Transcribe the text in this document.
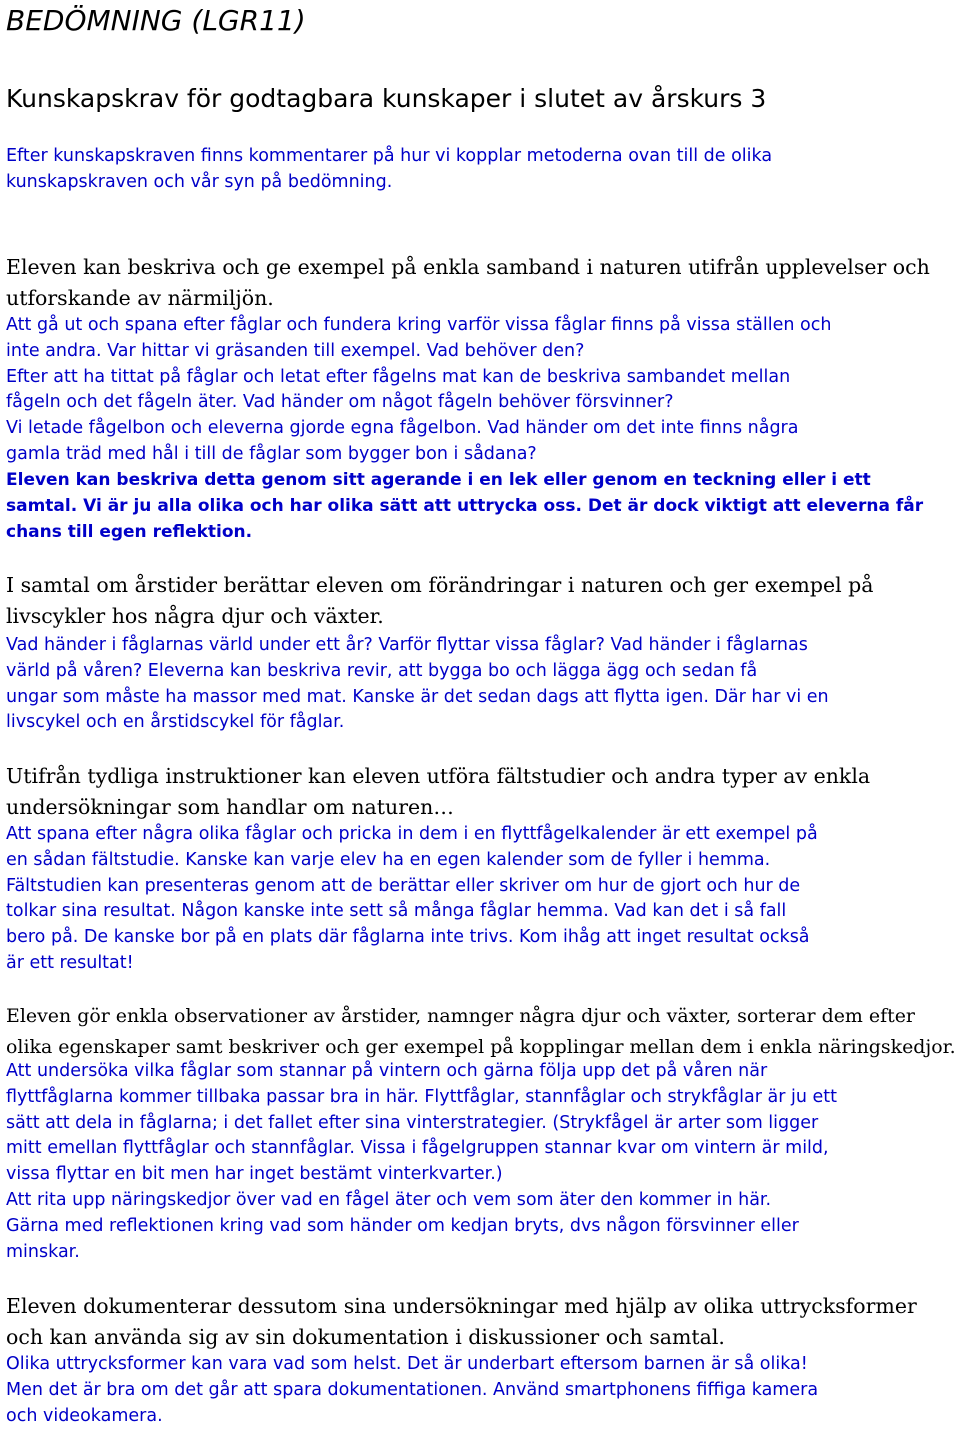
BEDÖMNING (LGR11)
Kunskapskrav för godtagbara kunskaper i slutet av årskurs 3

Efter kunskapskraven finns kommentarer på hur vi kopplar metoderna ovan till de olika
kunskapskraven och vår syn på bedömning.

Eleven kan beskriva och ge exempel på enkla samband i naturen utifrån upplevelser och
utforskande av närmiljön.

Att gå ut och spana efter fåglar och fundera kring varför vissa fåglar finns på vissa ställen och
inte andra. Var hittar vi gräsanden till exempel. Vad behöver den?
Efter att ha tittat på fåglar och letat efter fågelns mat kan de beskriva sambandet mellan
fågeln och det fågeln äter. Vad händer om något fågeln behöver försvinner?
Vi letade fågelbon och eleverna gjorde egna fågelbon. Vad händer om det inte finns några
gamla träd med hål i till de fåglar som bygger bon i sådana?

Eleven kan beskriva detta genom sitt agerande i en lek eller genom en teckning eller i ett
samtal. Vi är ju alla olika och har olika sätt att uttrycka oss. Det är dock viktigt att eleverna får
chans till egen reflektion.

I samtal om årstider berättar eleven om förändringar i naturen och ger exempel på
livscykler hos några djur och växter.

Vad händer i fåglarnas värld under ett år? Varför flyttar vissa fåglar? Vad händer i fåglarnas
värld på våren? Eleverna kan beskriva revir, att bygga bo och lägga ägg och sedan få
ungar som måste ha massor med mat. Kanske är det sedan dags att flytta igen. Där har vi en
livscykel och en årstidscykel för fåglar.

Utifrån tydliga instruktioner kan eleven utföra fältstudier och andra typer av enkla
undersökningar som handlar om naturen…

Att spana efter några olika fåglar och pricka in dem i en flyttfågelkalender är ett exempel på
en sådan fältstudie. Kanske kan varje elev ha en egen kalender som de fyller i hemma.
Fältstudien kan presenteras genom att de berättar eller skriver om hur de gjort och hur de
tolkar sina resultat. Någon kanske inte sett så många fåglar hemma. Vad kan det i så fall
bero på. De kanske bor på en plats där fåglarna inte trivs. Kom ihåg att inget resultat också
är ett resultat!

Eleven gör enkla observationer av årstider, namnger några djur och växter, sorterar dem efter
olika egenskaper samt beskriver och ger exempel på kopplingar mellan dem i enkla näringskedjor.

Att undersöka vilka fåglar som stannar på vintern och gärna följa upp det på våren när
flyttfåglarna kommer tillbaka passar bra in här. Flyttfåglar, stannfåglar och strykfåglar är ju ett
sätt att dela in fåglarna; i det fallet efter sina vinterstrategier. (Strykfågel är arter som ligger
mitt emellan flyttfåglar och stannfåglar. Vissa i fågelgruppen stannar kvar om vintern är mild,
vissa flyttar en bit men har inget bestämt vinterkvarter.)
Att rita upp näringskedjor över vad en fågel äter och vem som äter den kommer in här.
Gärna med reflektionen kring vad som händer om kedjan bryts, dvs någon försvinner eller
minskar.

Eleven dokumenterar dessutom sina undersökningar med hjälp av olika uttrycksformer
och kan använda sig av sin dokumentation i diskussioner och samtal.

Olika uttrycksformer kan vara vad som helst. Det är underbart eftersom barnen är så olika!
Men det är bra om det går att spara dokumentationen. Använd smartphonens fiffiga kamera
och videokamera.
